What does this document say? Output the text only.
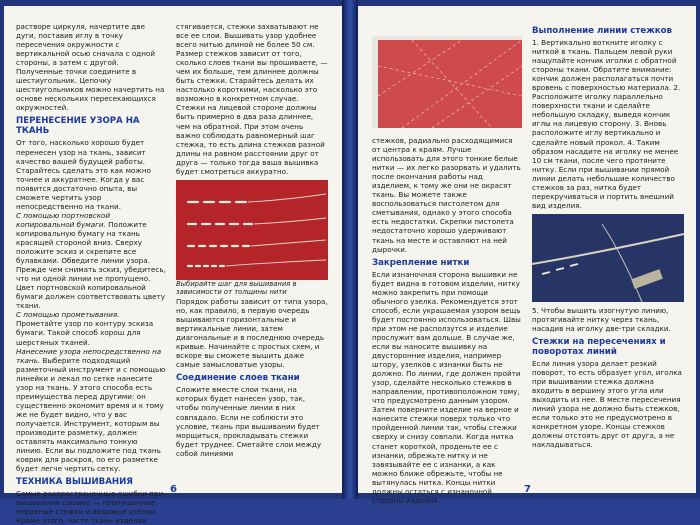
растворе циркуля, начертите две дуги, поставив иглу в точку пересечения окружности с вертикальной осью сначала с одной стороны, а затем с другой. Полученные точки соедините в шестиугольник. Цепочку шестиугольников можно начертить на основе нескольких пересекающихся окружностей.

ПЕРЕНЕСЕНИЕ УЗОРА НА ТКАНЬ

От того, насколько хорошо будет перенесен узор на ткань, зависит качество вашей будущей работы. Старайтесь сделать это как можно точнее и аккуратнее. Когда у вас появится достаточно опыта, вы сможете чертить узор непосредственно на ткани.

С помощью портновской копировальной бумаги. Положите копировальную бумагу на ткань красящей стороной вниз. Сверху положите эскиз и скрепите все булавками. Обведите линии узора. Прежде чем снимать эскиз, убедитесь, что ни одной линии не пропущено. Цвет портновской копировальной бумаги должен соответствовать цвету ткани.

С помощью прометывания. Прометайте узор по контуру эскиза бумаги. Такой способ хорош для шерстяных тканей.

Нанесение узора непосредственно на ткань. Выберите подходящий разметочный инструмент и с помощью линейки и лекал по сетке нанесите узор на ткань. У этого способа есть преимущества перед другими: он существенно экономит время и к тому же не будет видно, что у вас получается. Инструмент, которым вы производите разметку, должен оставлять максимально тонкую линию. Если вы подложите под ткань коврик для раскроя, по его разметке будет легче чертить сетку.

ТЕХНИКА ВЫШИВАНИЯ

Самые распространенные ошибки при вышивании сашико — пропущенные, неровные стежки и видимые узелки. Кроме этого, часто ткань изделия

стягивается, стежки захватывают не все ее слои. Вышивать узор удобнее всего нитью длиной не более 50 см. Размер стежков зависит от того, сколько слоев ткани вы прошиваете, — чем их больше, тем длиннее должны быть стежки. Старайтесь делать их настолько короткими, насколько это возможно в конкретном случае. Стежки на лицевой стороне должны быть примерно в два раза длиннее, чем на обратной. При этом очень важно соблюдать равномерный шаг стежка, то есть длина стежков разной длины на равном расстоянии друг от друга — только тогда ваша вышивка будет смотреться аккуратно.

Выбирайте шаг для вышивания в зависимости от толщины нити

Порядок работы зависит от типа узора, но, как правило, в первую очередь вышиваются горизонтальные и вертикальные линии, затем диагональные и в последнюю очередь кривые. Начинайте с простых схем, и вскоре вы сможете вышить даже самые замысловатые узоры.

Соединение слоев ткани

Сложите вместе слои ткани, на которых будет нанесен узор, так, чтобы полученные линии в них совпадало. Если не соблюсти это условие, ткань при вышивании будет морщиться, прокладывать стежки будет труднее. Сметайте слои между собой линиями

6

стежков, радиально расходящимися от центра к краям. Лучше использовать для этого тонкие белые нитки — их легко разорвать и удалить после окончания работы над изделием, к тому же они не окрасят ткань. Вы можете также воспользоваться пистолетом для сметывания, однако у этого способа есть недостатки. Скрепки пистолета недостаточно хорошо удерживают ткань на месте и оставляют на ней дырочки.

Закрепление нитки

Если изнаночная сторона вышивки не будет видна в готовом изделии, нитку можно закрепить при помощи обычного узелка. Рекомендуется этот способ, если украшаемая узором вещь будет постоянно использоваться. Швы при этом не расползутся и изделие прослужит вам дольше. В случае же, если вы наносите вышивку на двусторонние изделия, например штору, узелков с изнанки быть не должно. По линии, где должен пройти узор, сделайте несколько стежков в направлении, противоположном тому, что предусмотрено данным узором. Затем поверните изделие на верное и нанесите стежки поверх только что пройденной линии так, чтобы стежки сверху и снизу совпали. Когда нитка станет короткой, проденьте ее с изнанки, обрежьте нитку и не завязывайте ее с изнанки, а как можно ближе обрежьте, чтобы не вытянулась нитка. Концы нитки должны остаться с изнаночной стороны изделия.

Выполнение линии стежков

1. Вертикально воткните иголку с ниткой в ткань. Пальцем левой руки нащупайте кончик иголки с обратной стороны ткани. Обратите внимание: кончик должен располагаться почти вровень с поверхностью материала. 2. Расположите иголку параллельно поверхности ткани и сделайте небольшую складку, выведя кончик иглы на лицевую сторону. 3. Вновь расположите иглу вертикально и сделайте новый прокол. 4. Таким образом насадите на иголку не менее 10 см ткани, после чего протяните нитку. Если при вышивании прямой линии делать небольшие количество стежков за раз, нитка будет перекручиваться и портить внешний вид изделия.

5. Чтобы вышить изогнутую линию, протягивайте нитку через ткань, насадив на иголку две-три складки.

Стежки на пересечениях и поворотах линий

Если линия узора делает резкий поворот, то есть образует угол, иголка при вышивании стежка должна входить в вершину этого угла или выходить из нее. В месте пересечения линий узора не должно быть стежков, если только это не предусмотрено в конкретном узоре. Концы стежков должны отстоять друг от друга, а не накладываться.

7
